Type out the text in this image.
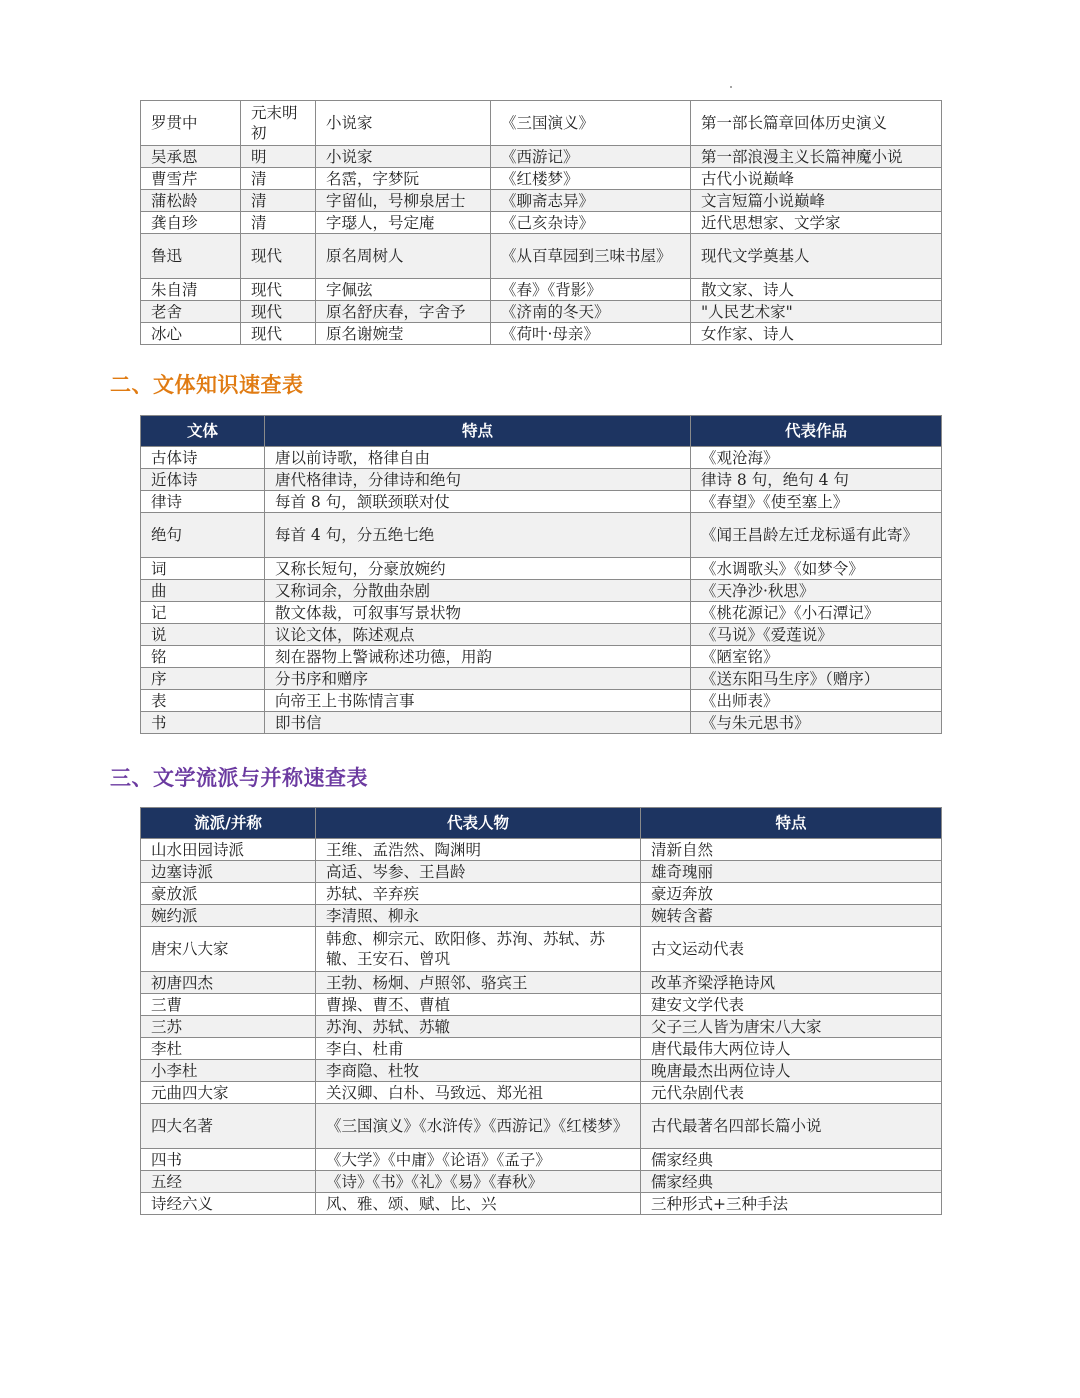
罗贯中	元末明初	小说家	《三国演义》	第一部长篇章回体历史演义
吴承恩	明	小说家	《西游记》	第一部浪漫主义长篇神魔小说
曹雪芹	清	名霑，字梦阮	《红楼梦》	古代小说巅峰
蒲松龄	清	字留仙，号柳泉居士	《聊斋志异》	文言短篇小说巅峰
龚自珍	清	字璱人，号定庵	《己亥杂诗》	近代思想家、文学家
鲁迅	现代	原名周树人	《从百草园到三味书屋》	现代文学奠基人
朱自清	现代	字佩弦	《春》《背影》	散文家、诗人
老舍	现代	原名舒庆春，字舍予	《济南的冬天》	"人民艺术家"
冰心	现代	原名谢婉莹	《荷叶·母亲》	女作家、诗人
二、文体知识速查表
文体	特点	代表作品
古体诗	唐以前诗歌，格律自由	《观沧海》
近体诗	唐代格律诗，分律诗和绝句	律诗 8 句，绝句 4 句
律诗	每首 8 句，颔联颈联对仗	《春望》《使至塞上》
绝句	每首 4 句，分五绝七绝	《闻王昌龄左迁龙标遥有此寄》
词	又称长短句，分豪放婉约	《水调歌头》《如梦令》
曲	又称词余，分散曲杂剧	《天净沙·秋思》
记	散文体裁，可叙事写景状物	《桃花源记》《小石潭记》
说	议论文体，陈述观点	《马说》《爱莲说》
铭	刻在器物上警诫称述功德，用韵	《陋室铭》
序	分书序和赠序	《送东阳马生序》（赠序）
表	向帝王上书陈情言事	《出师表》
书	即书信	《与朱元思书》
三、文学流派与并称速查表
流派/并称	代表人物	特点
山水田园诗派	王维、孟浩然、陶渊明	清新自然
边塞诗派	高适、岑参、王昌龄	雄奇瑰丽
豪放派	苏轼、辛弃疾	豪迈奔放
婉约派	李清照、柳永	婉转含蓄
唐宋八大家	韩愈、柳宗元、欧阳修、苏洵、苏轼、苏辙、王安石、曾巩	古文运动代表
初唐四杰	王勃、杨炯、卢照邻、骆宾王	改革齐梁浮艳诗风
三曹	曹操、曹丕、曹植	建安文学代表
三苏	苏洵、苏轼、苏辙	父子三人皆为唐宋八大家
李杜	李白、杜甫	唐代最伟大两位诗人
小李杜	李商隐、杜牧	晚唐最杰出两位诗人
元曲四大家	关汉卿、白朴、马致远、郑光祖	元代杂剧代表
四大名著	《三国演义》《水浒传》《西游记》《红楼梦》	古代最著名四部长篇小说
四书	《大学》《中庸》《论语》《孟子》	儒家经典
五经	《诗》《书》《礼》《易》《春秋》	儒家经典
诗经六义	风、雅、颂、赋、比、兴	三种形式+三种手法
